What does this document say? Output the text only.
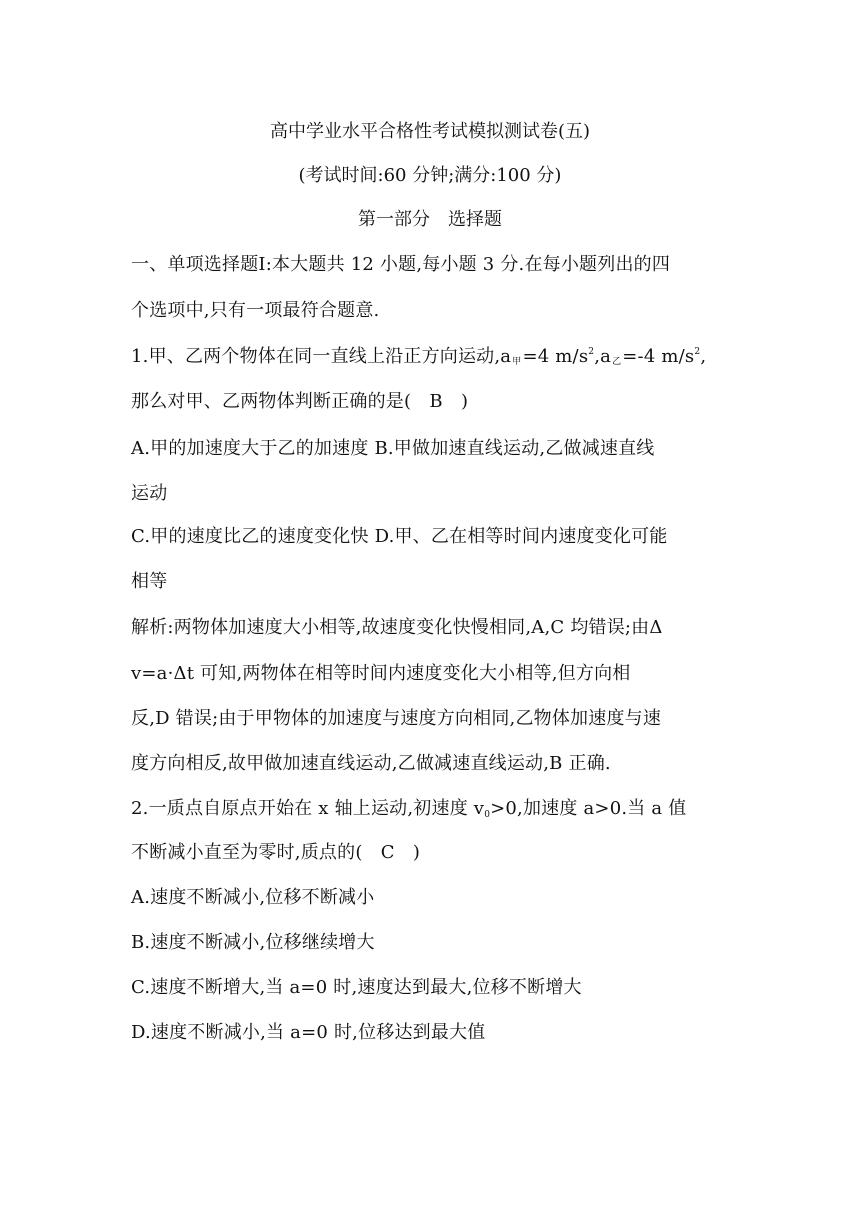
高中学业水平合格性考试模拟测试卷(五)
(考试时间:60 分钟;满分:100 分)
第一部分　选择题
一、单项选择题Ⅰ:本大题共 12 小题,每小题 3 分.在每小题列出的四
个选项中,只有一项最符合题意.
1.甲、乙两个物体在同一直线上沿正方向运动$,a_甲=4$ $m/s^2,a_乙=-4$ $m/s^2$,
那么对甲、乙两物体判断正确的是(　B　)
A.甲的加速度大于乙的加速度 B.甲做加速直线运动,乙做减速直线
运动
C.甲的速度比乙的速度变化快 D.甲、乙在相等时间内速度变化可能
相等
解析:两物体加速度大小相等,故速度变化快慢相同,A,C 均错误;由Δ
v=a·Δt 可知,两物体在相等时间内速度变化大小相等,但方向相
反,D 错误;由于甲物体的加速度与速度方向相同,乙物体加速度与速
度方向相反,故甲做加速直线运动,乙做减速直线运动,B 正确.
2.一质点自原点开始在 x 轴上运动,初速度 v0>0,加速度 a>0.当 a 值
不断减小直至为零时,质点的(　C　)
A.速度不断减小,位移不断减小
B.速度不断减小,位移继续增大
C.速度不断增大,当 a=0 时,速度达到最大,位移不断增大
D.速度不断减小,当 a=0 时,位移达到最大值
